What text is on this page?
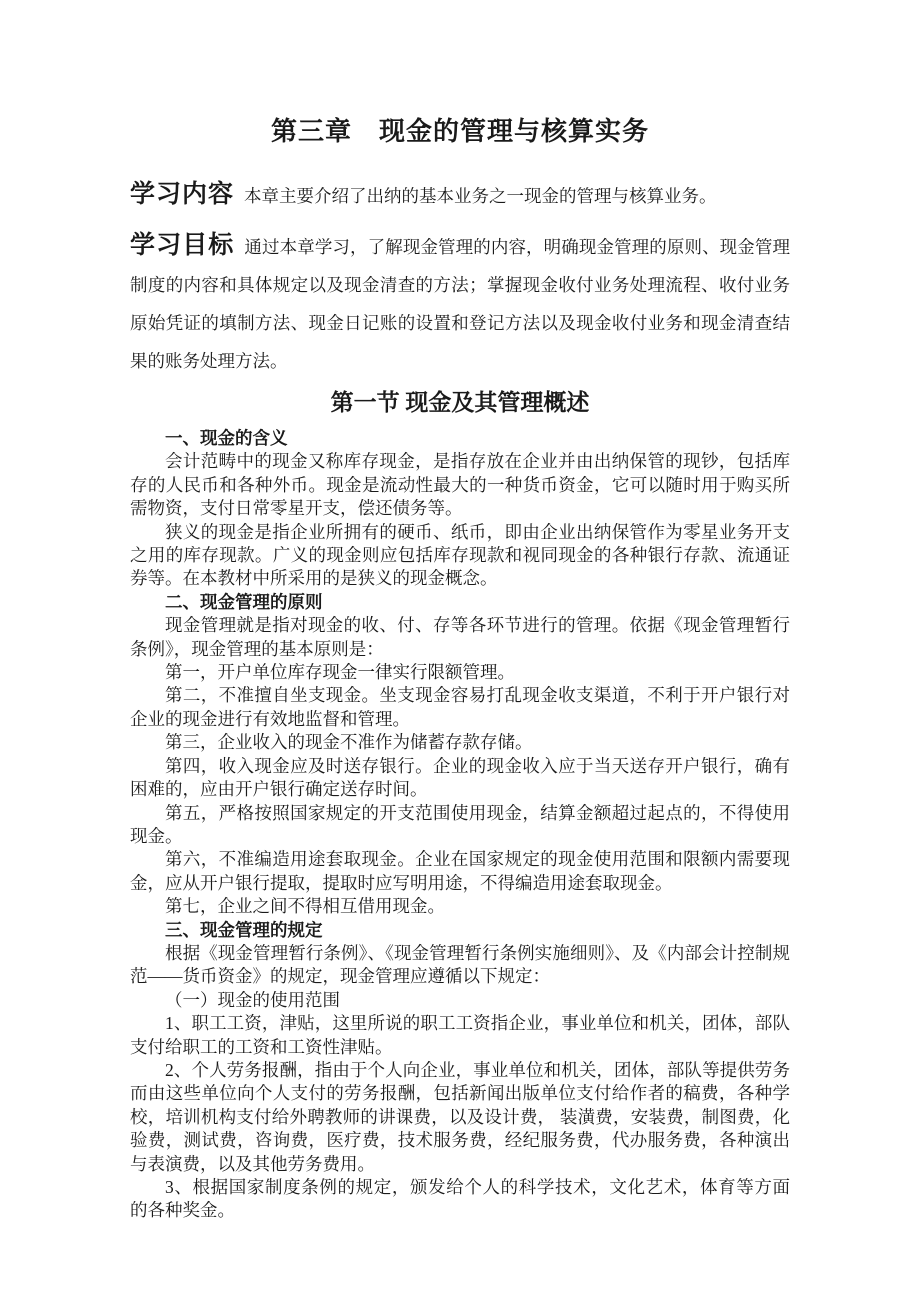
第三章　现金的管理与核算实务

学习内容 本章主要介绍了出纳的基本业务之一现金的管理与核算业务。

学习目标 通过本章学习，了解现金管理的内容，明确现金管理的原则、现金管理制度的内容和具体规定以及现金清查的方法；掌握现金收付业务处理流程、收付业务原始凭证的填制方法、现金日记账的设置和登记方法以及现金收付业务和现金清查结果的账务处理方法。

第一节 现金及其管理概述

一、现金的含义

会计范畴中的现金又称库存现金，是指存放在企业并由出纳保管的现钞，包括库存的人民币和各种外币。现金是流动性最大的一种货币资金，它可以随时用于购买所需物资，支付日常零星开支，偿还债务等。

狭义的现金是指企业所拥有的硬币、纸币，即由企业出纳保管作为零星业务开支之用的库存现款。广义的现金则应包括库存现款和视同现金的各种银行存款、流通证券等。在本教材中所采用的是狭义的现金概念。

二、现金管理的原则

现金管理就是指对现金的收、付、存等各环节进行的管理。依据《现金管理暂行条例》，现金管理的基本原则是：

第一，开户单位库存现金一律实行限额管理。

第二，不准擅自坐支现金。坐支现金容易打乱现金收支渠道，不利于开户银行对企业的现金进行有效地监督和管理。

第三，企业收入的现金不准作为储蓄存款存储。

第四，收入现金应及时送存银行。企业的现金收入应于当天送存开户银行，确有困难的，应由开户银行确定送存时间。

第五，严格按照国家规定的开支范围使用现金，结算金额超过起点的，不得使用现金。

第六，不准编造用途套取现金。企业在国家规定的现金使用范围和限额内需要现金，应从开户银行提取，提取时应写明用途，不得编造用途套取现金。

第七，企业之间不得相互借用现金。

三、现金管理的规定

根据《现金管理暂行条例》、《现金管理暂行条例实施细则》、及《内部会计控制规范——货币资金》的规定，现金管理应遵循以下规定：

（一）现金的使用范围

1、职工工资，津贴，这里所说的职工工资指企业，事业单位和机关，团体，部队 支付给职工的工资和工资性津贴。

2、个人劳务报酬，指由于个人向企业，事业单位和机关，团体，部队等提供劳务而由这些单位向个人支付的劳务报酬，包括新闻出版单位支付给作者的稿费，各种学校，培训机构支付给外聘教师的讲课费，以及设计费， 装潢费，安装费，制图费，化验费，测试费，咨询费，医疗费，技术服务费，经纪服务费，代办服务费，各种演出与表演费，以及其他劳务费用。

3、根据国家制度条例的规定，颁发给个人的科学技术，文化艺术，体育等方面 的各种奖金。
